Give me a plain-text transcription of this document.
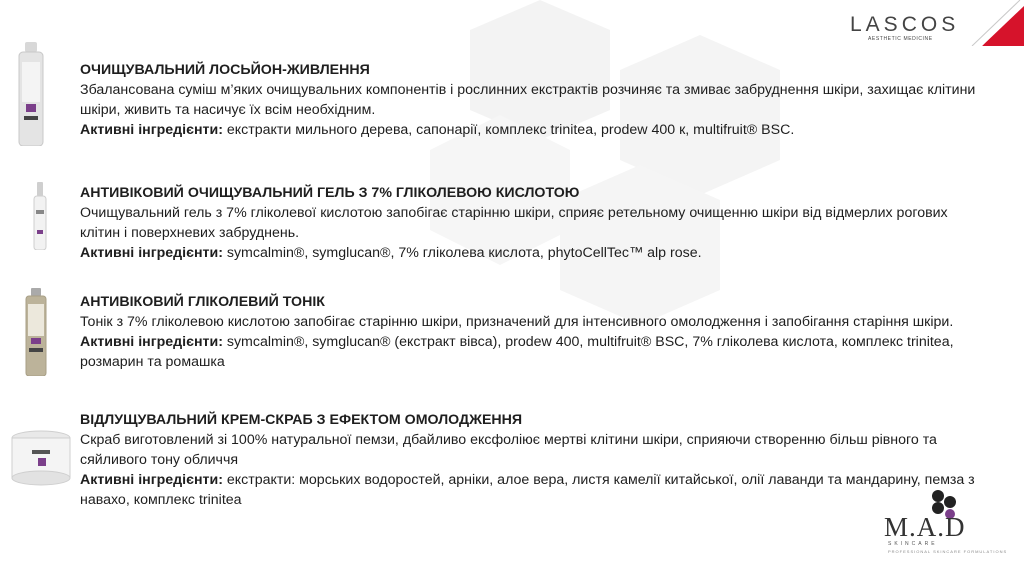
LASCOS
AESTHETIC MEDICINE
ОЧИЩУВАЛЬНИЙ ЛОСЬЙОН-ЖИВЛЕННЯ
Збалансована суміш м’яких очищувальних компонентів і рослинних екстрактів розчиняє та змиває забруднення шкіри, захищає клітини шкіри, живить та насичує їх всім необхідним.
Активні інгредієнти: екстракти мильного дерева, сапонарії, комплекс trinitea, prodew 400 к, multifruit® BSC.
АНТИВІКОВИЙ ОЧИЩУВАЛЬНИЙ ГЕЛЬ З 7% ГЛІКОЛЕВОЮ КИСЛОТОЮ
Очищувальний гель з 7% гліколевої кислотою запобігає старінню шкіри, сприяє ретельному очищенню шкіри від відмерлих рогових клітин і поверхневих забруднень.
Активні інгредієнти: symcalmin®, symglucan®, 7% гліколева кислота, phytoCellTec™ alp rose.
АНТИВІКОВИЙ ГЛІКОЛЕВИЙ ТОНІК
Тонік з 7% гліколевою кислотою запобігає старінню шкіри, призначений для інтенсивного омолодження і запобігання старіння шкіри.
Активні інгредієнти: symcalmin®, symglucan® (екстракт вівса), prodew 400, multifruit® BSC, 7% гліколева кислота, комплекс trinitea, розмарин та ромашка
ВІДЛУЩУВАЛЬНИЙ КРЕМ-СКРАБ З ЕФЕКТОМ ОМОЛОДЖЕННЯ
Скраб виготовлений зі 100% натуральної пемзи, дбайливо ексфоліює мертві клітини шкіри, сприяючи створенню більш рівного та сяйливого тону обличчя
Активні інгредієнти: екстракти: морських водоростей, арніки, алое вера, листя камелії китайської, олії лаванди та мандарину, пемза з навахо, комплекс trinitea
M.A.D
SKINCARE
PROFESSIONAL SKINCARE FORMULATIONS
